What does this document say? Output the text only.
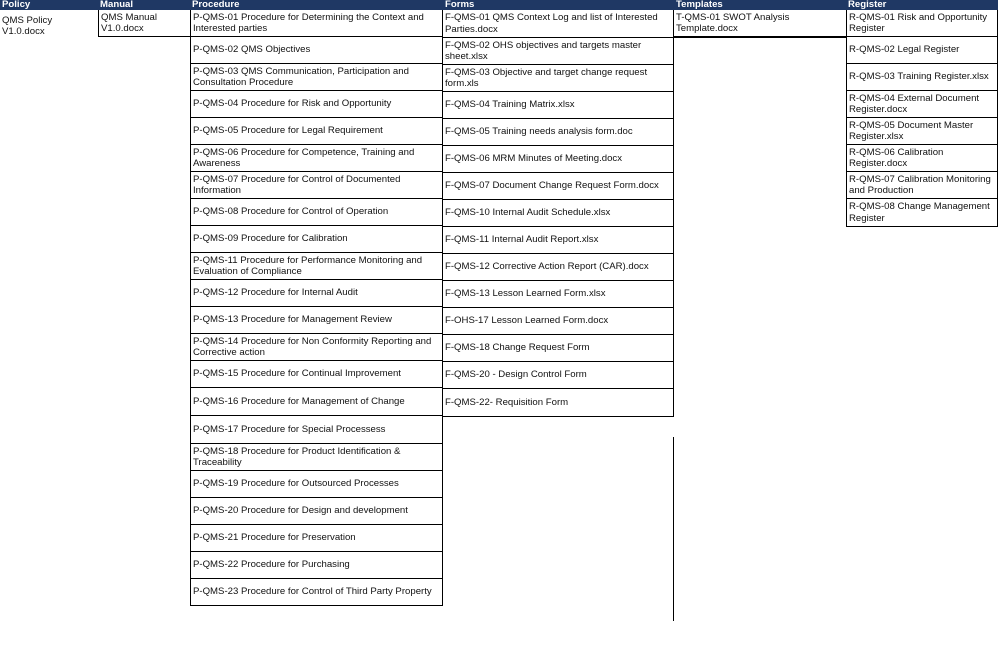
Policy
QMS Policy V1.0.docx
Manual
QMS Manual V1.0.docx
Procedure
P-QMS-01 Procedure for Determining the Context and Interested parties
P-QMS-02 QMS Objectives
P-QMS-03 QMS Communication, Participation and Consultation Procedure
P-QMS-04 Procedure for Risk and Opportunity
P-QMS-05 Procedure for Legal Requirement
P-QMS-06 Procedure for Competence, Training and Awareness
P-QMS-07 Procedure for Control of Documented Information
P-QMS-08 Procedure for Control of Operation
P-QMS-09 Procedure for Calibration
P-QMS-11 Procedure for Performance Monitoring and Evaluation of Compliance
P-QMS-12 Procedure for Internal Audit
P-QMS-13 Procedure for Management Review
P-QMS-14 Procedure for Non Conformity Reporting and Corrective action
P-QMS-15 Procedure for Continual Improvement
P-QMS-16 Procedure for Management of Change
P-QMS-17 Procedure for Special Processess
P-QMS-18 Procedure for Product Identification & Traceability
P-QMS-19 Procedure for Outsourced Processes
P-QMS-20 Procedure for Design and development
P-QMS-21 Procedure for Preservation
P-QMS-22 Procedure for Purchasing
P-QMS-23 Procedure for Control of Third Party Property
Forms
F-QMS-01 QMS Context Log and list of Interested Parties.docx
F-QMS-02 OHS objectives and targets master sheet.xlsx
F-QMS-03 Objective and target change request form.xls
F-QMS-04 Training Matrix.xlsx
F-QMS-05 Training needs analysis form.doc
F-QMS-06 MRM Minutes of Meeting.docx
F-QMS-07 Document Change Request Form.docx
F-QMS-10 Internal Audit Schedule.xlsx
F-QMS-11 Internal Audit Report.xlsx
F-QMS-12 Corrective Action Report (CAR).docx
F-QMS-13 Lesson Learned Form.xlsx
F-OHS-17 Lesson Learned Form.docx
F-QMS-18 Change Request Form
F-QMS-20 - Design Control Form
F-QMS-22- Requisition Form
Templates
T-QMS-01 SWOT Analysis Template.docx
Register
R-QMS-01 Risk and Opportunity Register
R-QMS-02 Legal Register
R-QMS-03 Training Register.xlsx
R-QMS-04 External Document Register.docx
R-QMS-05 Document Master Register.xlsx
R-QMS-06 Calibration Register.docx
R-QMS-07 Calibration Monitoring and Production
R-QMS-08 Change Management Register
